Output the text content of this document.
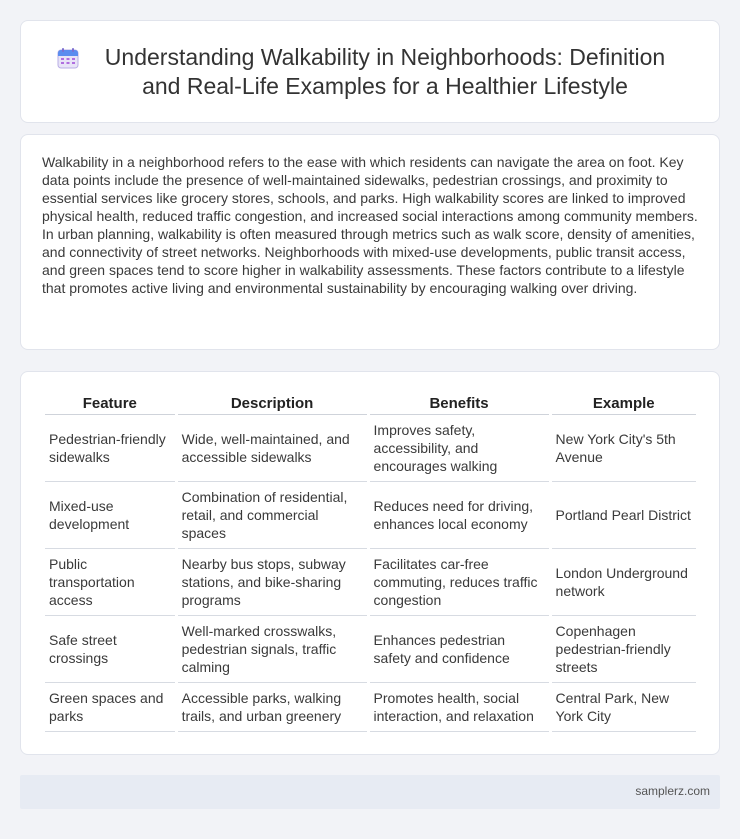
Understanding Walkability in Neighborhoods: Definition and Real-Life Examples for a Healthier Lifestyle

Walkability in a neighborhood refers to the ease with which residents can navigate the area on foot. Key data points include the presence of well-maintained sidewalks, pedestrian crossings, and proximity to essential services like grocery stores, schools, and parks. High walkability scores are linked to improved physical health, reduced traffic congestion, and increased social interactions among community members. In urban planning, walkability is often measured through metrics such as walk score, density of amenities, and connectivity of street networks. Neighborhoods with mixed-use developments, public transit access, and green spaces tend to score higher in walkability assessments. These factors contribute to a lifestyle that promotes active living and environmental sustainability by encouraging walking over driving.

Feature	Description	Benefits	Example
Pedestrian-friendly sidewalks	Wide, well-maintained, and accessible sidewalks	Improves safety, accessibility, and encourages walking	New York City's 5th Avenue
Mixed-use development	Combination of residential, retail, and commercial spaces	Reduces need for driving, enhances local economy	Portland Pearl District
Public transportation access	Nearby bus stops, subway stations, and bike-sharing programs	Facilitates car-free commuting, reduces traffic congestion	London Underground network
Safe street crossings	Well-marked crosswalks, pedestrian signals, traffic calming	Enhances pedestrian safety and confidence	Copenhagen pedestrian-friendly streets
Green spaces and parks	Accessible parks, walking trails, and urban greenery	Promotes health, social interaction, and relaxation	Central Park, New York City
samplerz.com
